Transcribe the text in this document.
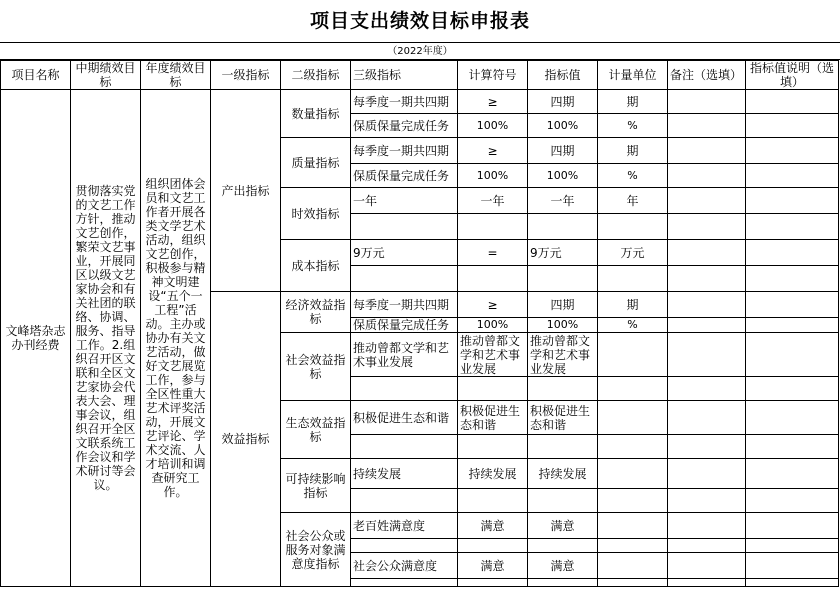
项目支出绩效目标申报表
（2022年度）
项目名称	中期绩效目标	年度绩效目标	一级指标	二级指标	三级指标	计算符号	指标值	计量单位	备注（选填）	指标值说明（选填）
文峰塔杂志办刊经费	贯彻落实党的文艺工作方针，推动文艺创作，繁荣文艺事业，开展同区以级文艺家协会和有关社团的联络、协调、服务、指导工作。2.组织召开区文联和全区文艺家协会代表大会、理事会议，组织召开全区文联系统工作会议和学术研讨等会议。	组织团体会员和文艺工作者开展各类文学艺术活动，组织文艺创作，积极参与精神文明建设“五个一工程”活动。主办或协办有关文艺活动，做好文艺展览工作，参与全区性重大艺术评奖活动，开展文艺评论、学术交流、人才培训和调查研究工作。	产出指标	数量指标	每季度一期共四期	≥	四期	期		
					保质保量完成任务	100%	100%	%		
				质量指标	每季度一期共四期	≥	四期	期		
					保质保量完成任务	100%	100%	%		
				时效指标	一年	一年	一年	年		

				成本指标	9万元	=	9万元	万元		

			效益指标	经济效益指标	每季度一期共四期	≥	四期	期		
					保质保量完成任务	100%	100%	%		
				社会效益指标	推动曾都文学和艺术事业发展	推动曾都文学和艺术事业发展	推动曾都文学和艺术事业发展			

				生态效益指标	积极促进生态和谐	积极促进生态和谐	积极促进生态和谐			

				可持续影响指标	持续发展	持续发展	持续发展			

				社会公众或服务对象满意度指标	老百姓满意度	满意	满意			

					社会公众满意度	满意	满意			
